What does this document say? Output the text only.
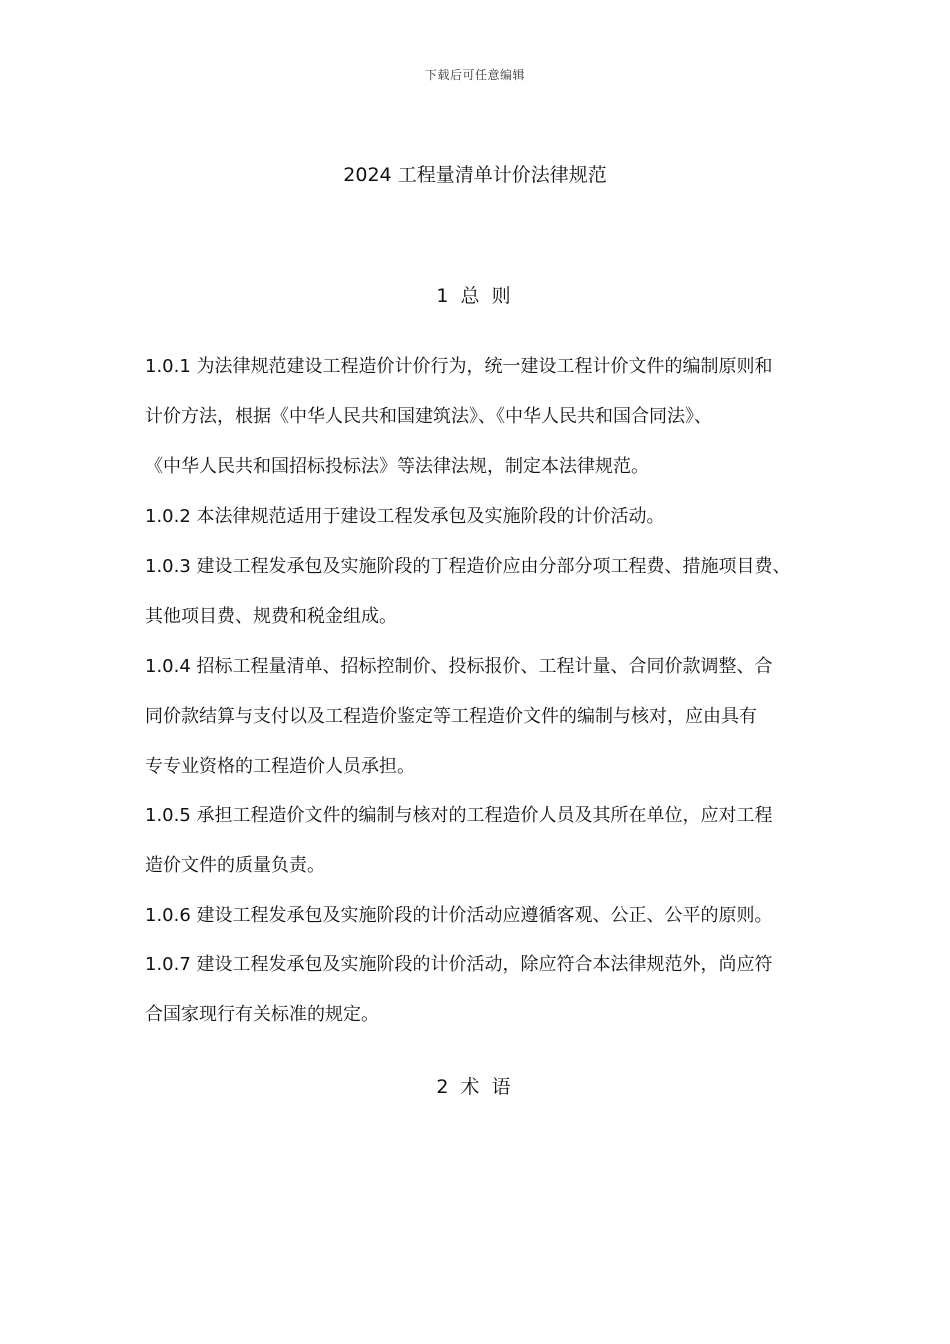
下载后可任意编辑
2024 工程量清单计价法律规范
1 总 则
1.0.1 为法律规范建设工程造价计价行为，统一建设工程计价文件的编制原则和
计价方法，根据《中华人民共和国建筑法》、《中华人民共和国合同法》、
《中华人民共和国招标投标法》等法律法规，制定本法律规范。
1.0.2 本法律规范适用于建设工程发承包及实施阶段的计价活动。
1.0.3 建设工程发承包及实施阶段的丁程造价应由分部分项工程费、措施项目费、
其他项目费、规费和税金组成。
1.0.4 招标工程量清单、招标控制价、投标报价、工程计量、合同价款调整、合
同价款结算与支付以及工程造价鉴定等工程造价文件的编制与核对，应由具有
专专业资格的工程造价人员承担。
1.0.5 承担工程造价文件的编制与核对的工程造价人员及其所在单位，应对工程
造价文件的质量负责。
1.0.6 建设工程发承包及实施阶段的计价活动应遵循客观、公正、公平的原则。
1.0.7 建设工程发承包及实施阶段的计价活动，除应符合本法律规范外，尚应符
合国家现行有关标准的规定。
2 术 语
